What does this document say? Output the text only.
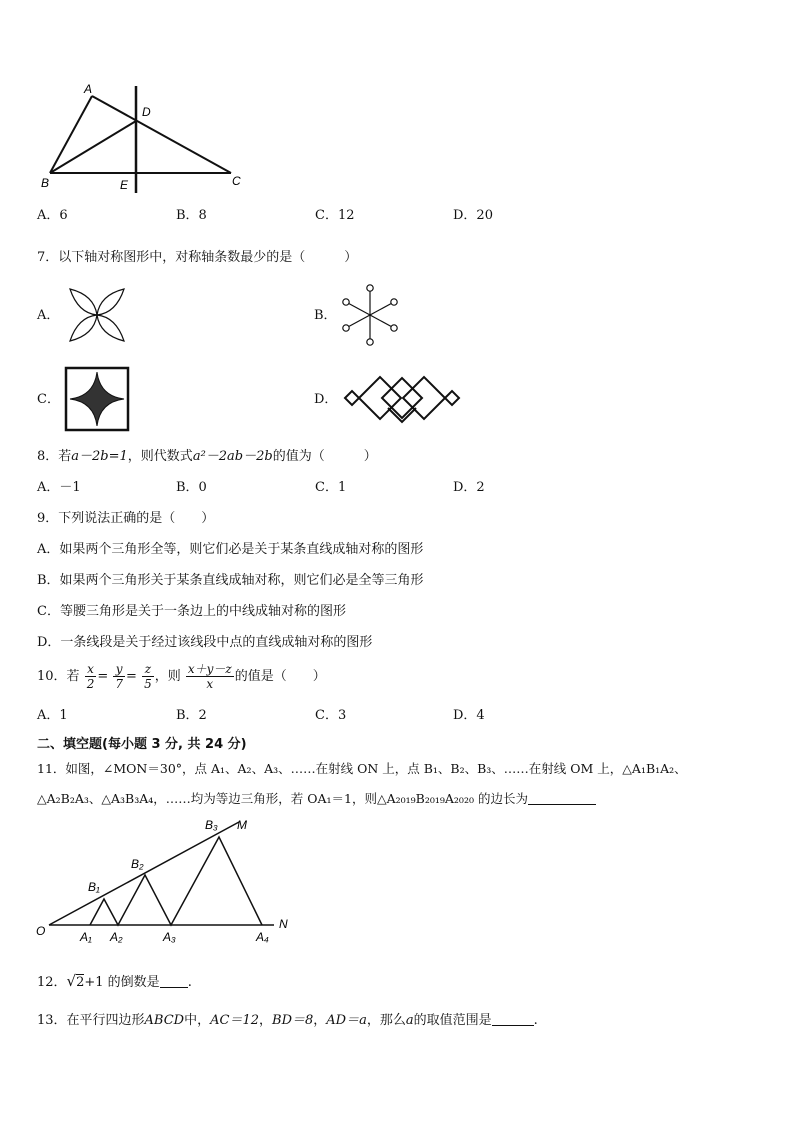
A
D
B	E	C
A．6	B．8	C．12	D．20
7．以下轴对称图形中，对称轴条数最少的是（　　　）
A．	B．
C．	D．
8．若a－2b=1，则代数式a²－2ab－2b的值为（　　　）
A．－1	B．0	C．1	D．2
9．下列说法正确的是（　　）
A．如果两个三角形全等，则它们必是关于某条直线成轴对称的图形
B．如果两个三角形关于某条直线成轴对称，则它们必是全等三角形
C．等腰三角形是关于一条边上的中线成轴对称的图形
D．一条线段是关于经过该线段中点的直线成轴对称的图形
10．若 $\frac{x}{2} = \frac{y}{7} = \frac{z}{5}$ ，则 $\frac{x+y-z}{x}$ 的值是（　　）
A．1	B．2	C．3	D．4
二、填空题(每小题 3 分, 共 24 分)
11．如图，∠MON＝30°，点 A₁、A₂、A₃、……在射线 ON 上，点 B₁、B₂、B₃、……在射线 OM 上，△A₁B₁A₂、
△A₂B₂A₃、△A₃B₃A₄，……均为等边三角形，若 OA₁＝1，则△A₂₀₁₉B₂₀₁₉A₂₀₂₀ 的边长为
O
M
N
B₁
B₂
B₃
A₁ A₂	A₃	A₄
12．√2+1 的倒数是 .
13．在平行四边形ABCD中，AC＝12，BD＝8，AD＝a，那么a的取值范围是	.
